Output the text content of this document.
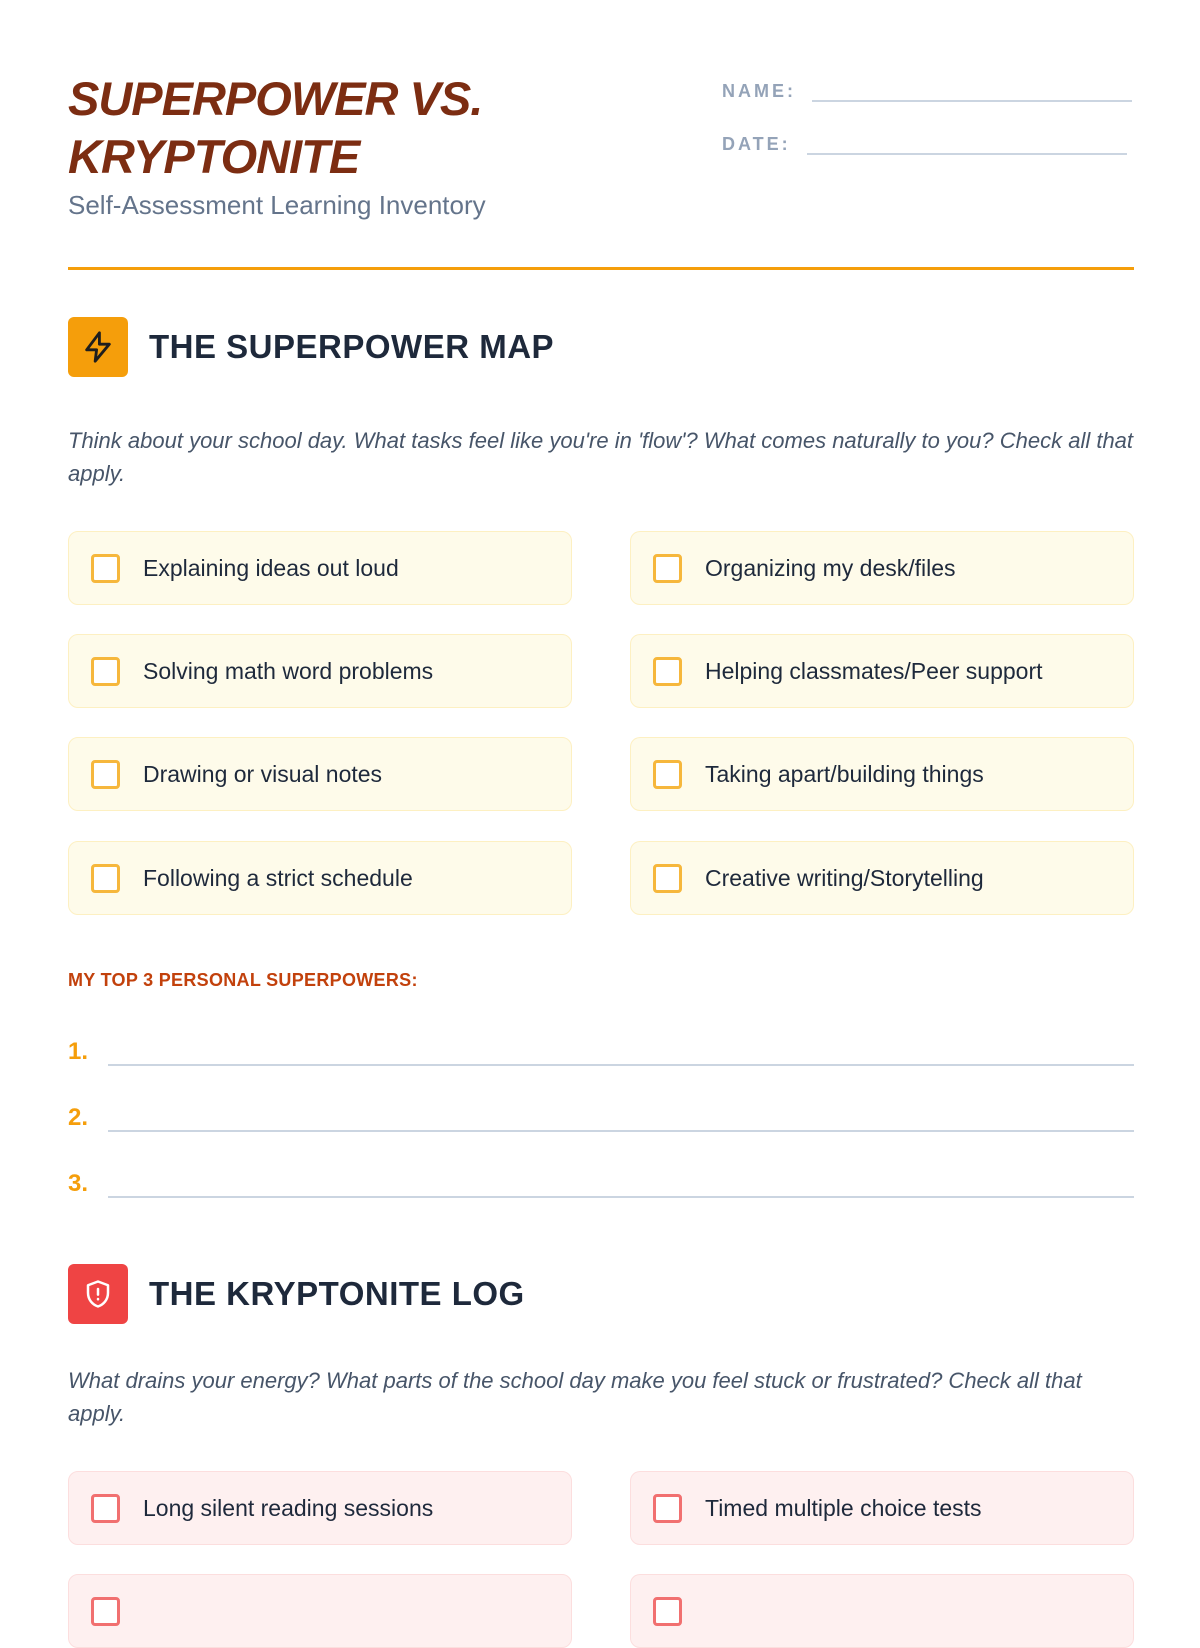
SUPERPOWER VS. KRYPTONITE

Self-Assessment Learning Inventory

NAME:
DATE:
THE SUPERPOWER MAP

Think about your school day. What tasks feel like you're in 'flow'? What comes naturally to you? Check all that apply.

Explaining ideas out loud	Organizing my desk/files
Solving math word problems	Helping classmates/Peer support
Drawing or visual notes	Taking apart/building things
Following a strict schedule	Creative writing/Storytelling

MY TOP 3 PERSONAL SUPERPOWERS:

1.
2.
3.
THE KRYPTONITE LOG

What drains your energy? What parts of the school day make you feel stuck or frustrated? Check all that apply.

Long silent reading sessions	Timed multiple choice tests
